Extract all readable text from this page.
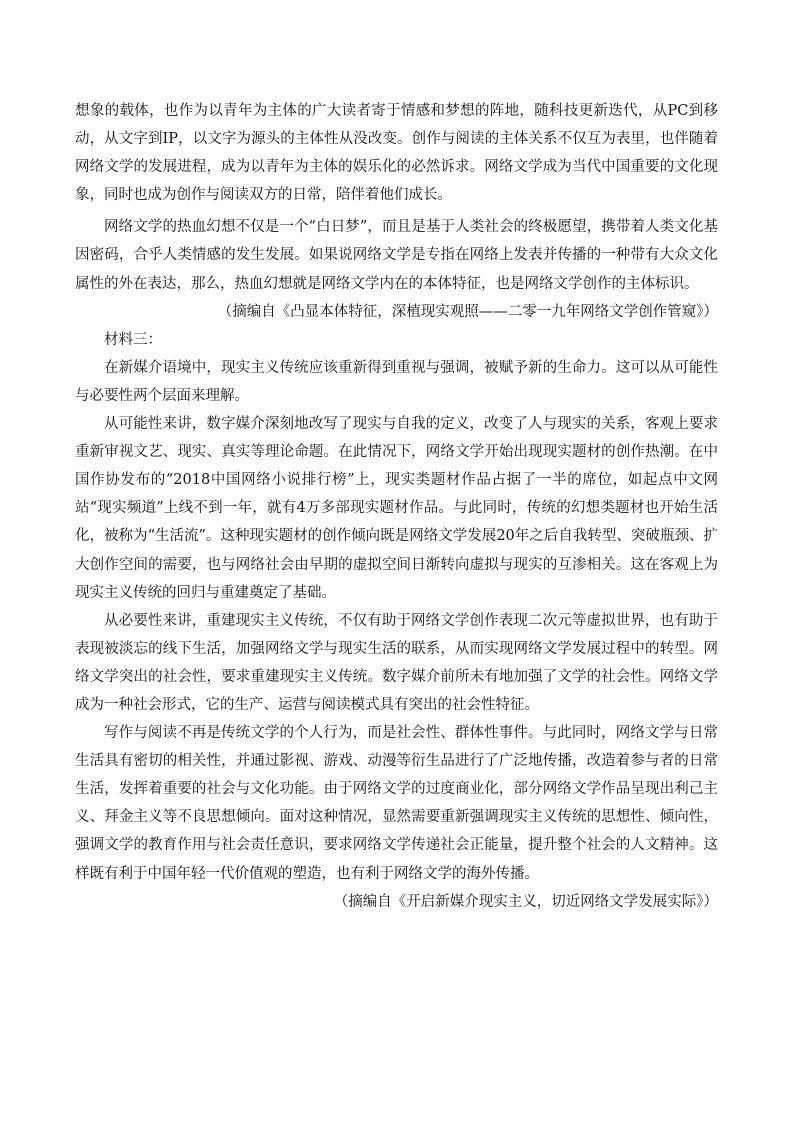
想象的载体，也作为以青年为主体的广大读者寄于情感和梦想的阵地，随科技更新迭代，从PC到移动，从文字到IP，以文字为源头的主体性从没改变。创作与阅读的主体关系不仅互为表里，也伴随着网络文学的发展进程，成为以青年为主体的娱乐化的必然诉求。网络文学成为当代中国重要的文化现象，同时也成为创作与阅读双方的日常，陪伴着他们成长。

网络文学的热血幻想不仅是一个“白日梦”，而且是基于人类社会的终极愿望，携带着人类文化基因密码，合乎人类情感的发生发展。如果说网络文学是专指在网络上发表并传播的一种带有大众文化属性的外在表达，那么，热血幻想就是网络文学内在的本体特征，也是网络文学创作的主体标识。

（摘编自《凸显本体特征，深植现实观照——二零一九年网络文学创作管窥》）

材料三：

在新媒介语境中，现实主义传统应该重新得到重视与强调，被赋予新的生命力。这可以从可能性与必要性两个层面来理解。

从可能性来讲，数字媒介深刻地改写了现实与自我的定义，改变了人与现实的关系，客观上要求重新审视文艺、现实、真实等理论命题。在此情况下，网络文学开始出现现实题材的创作热潮。在中国作协发布的“2018中国网络小说排行榜”上，现实类题材作品占据了一半的席位，如起点中文网站“现实频道”上线不到一年，就有4万多部现实题材作品。与此同时，传统的幻想类题材也开始生活化，被称为“生活流”。这种现实题材的创作倾向既是网络文学发展20年之后自我转型、突破瓶颈、扩大创作空间的需要，也与网络社会由早期的虚拟空间日渐转向虚拟与现实的互渗相关。这在客观上为现实主义传统的回归与重建奠定了基础。

从必要性来讲，重建现实主义传统，不仅有助于网络文学创作表现二次元等虚拟世界，也有助于表现被淡忘的线下生活，加强网络文学与现实生活的联系，从而实现网络文学发展过程中的转型。网络文学突出的社会性，要求重建现实主义传统。数字媒介前所未有地加强了文学的社会性。网络文学成为一种社会形式，它的生产、运营与阅读模式具有突出的社会性特征。

写作与阅读不再是传统文学的个人行为，而是社会性、群体性事件。与此同时，网络文学与日常生活具有密切的相关性，并通过影视、游戏、动漫等衍生品进行了广泛地传播，改造着参与者的日常生活，发挥着重要的社会与文化功能。由于网络文学的过度商业化，部分网络文学作品呈现出利己主义、拜金主义等不良思想倾向。面对这种情况，显然需要重新强调现实主义传统的思想性、倾向性，强调文学的教育作用与社会责任意识，要求网络文学传递社会正能量，提升整个社会的人文精神。这样既有利于中国年轻一代价值观的塑造，也有利于网络文学的海外传播。

（摘编自《开启新媒介现实主义，切近网络文学发展实际》）
